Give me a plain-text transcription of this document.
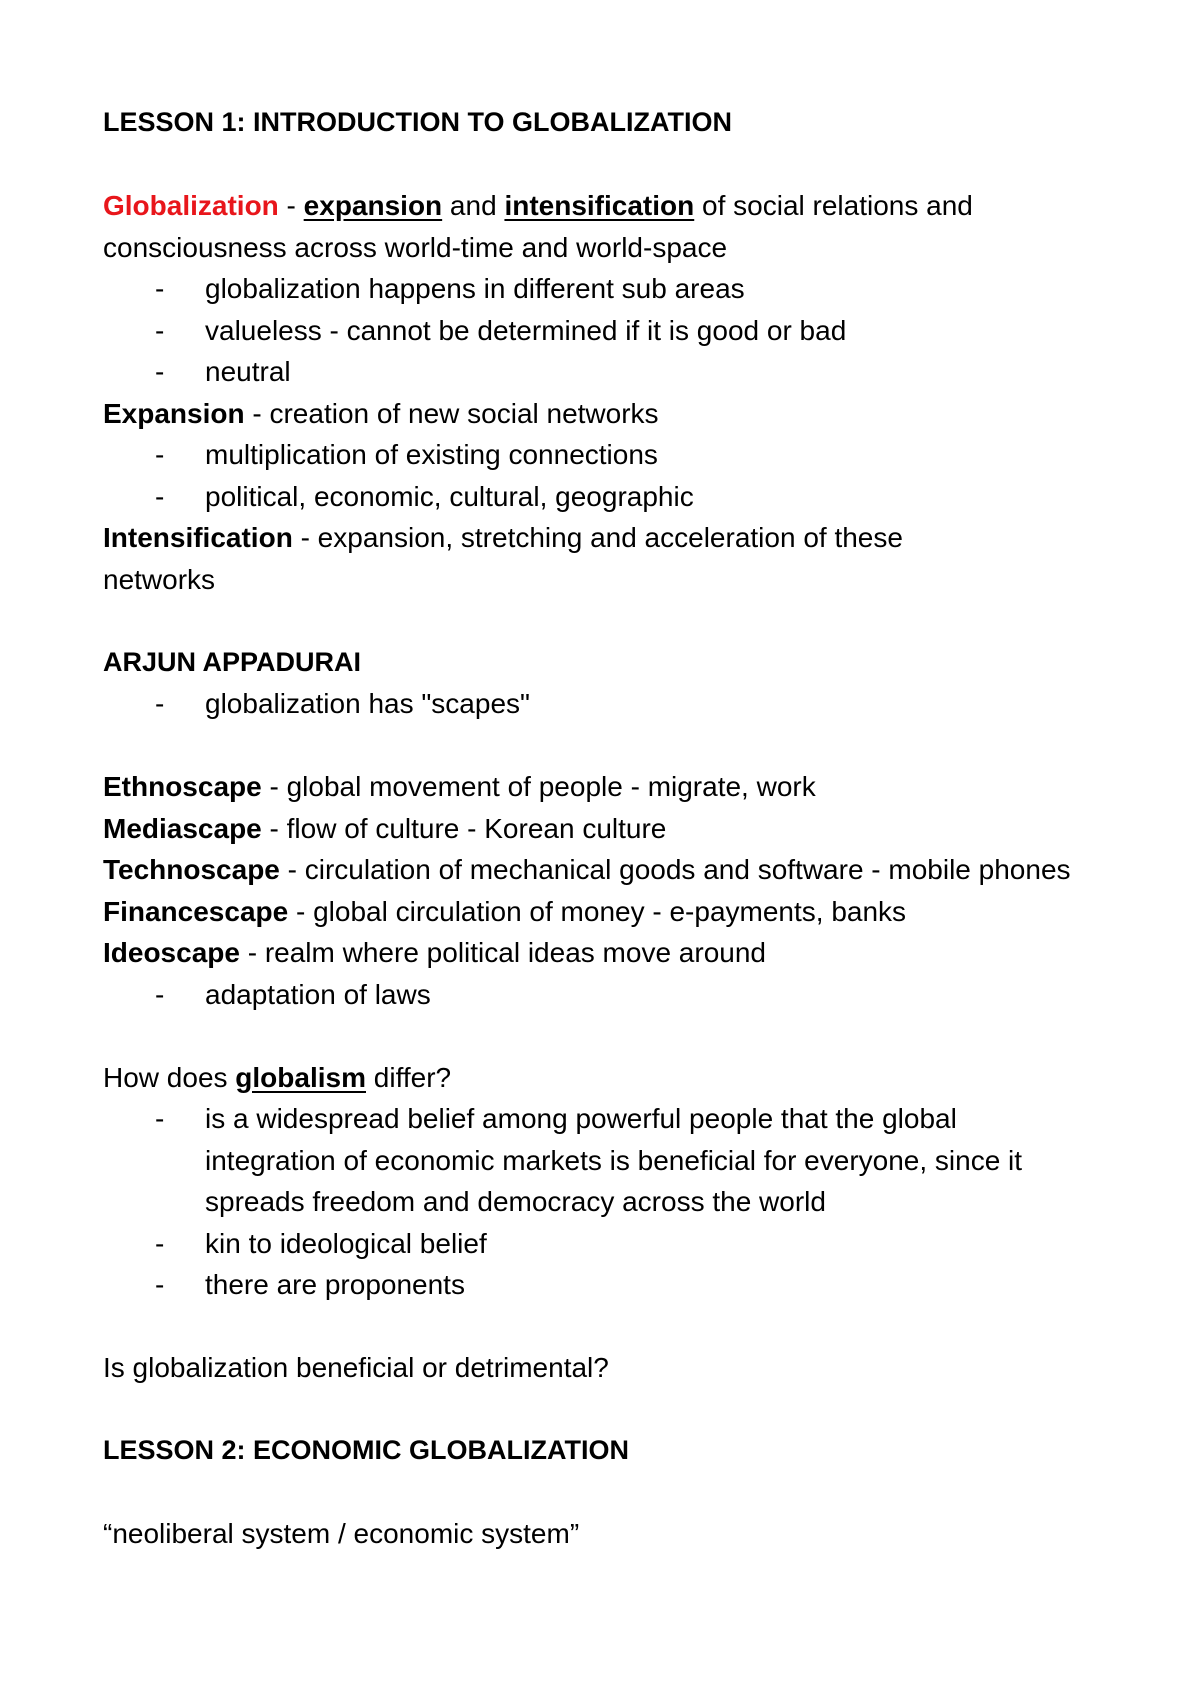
LESSON 1: INTRODUCTION TO GLOBALIZATION

Globalization - expansion and intensification of social relations and consciousness across world-time and world-space

- globalization happens in different sub areas
- valueless - cannot be determined if it is good or bad
- neutral

Expansion - creation of new social networks

- multiplication of existing connections
- political, economic, cultural, geographic

Intensification - expansion, stretching and acceleration of these networks

ARJUN APPADURAI

- globalization has "scapes"

Ethnoscape - global movement of people - migrate, work

Mediascape - flow of culture - Korean culture

Technoscape - circulation of mechanical goods and software - mobile phones

Financescape - global circulation of money - e-payments, banks

Ideoscape - realm where political ideas move around

- adaptation of laws

How does globalism differ?

- is a widespread belief among powerful people that the global integration of economic markets is beneficial for everyone, since it spreads freedom and democracy across the world
- kin to ideological belief
- there are proponents

Is globalization beneficial or detrimental?

LESSON 2: ECONOMIC GLOBALIZATION

“neoliberal system / economic system”
